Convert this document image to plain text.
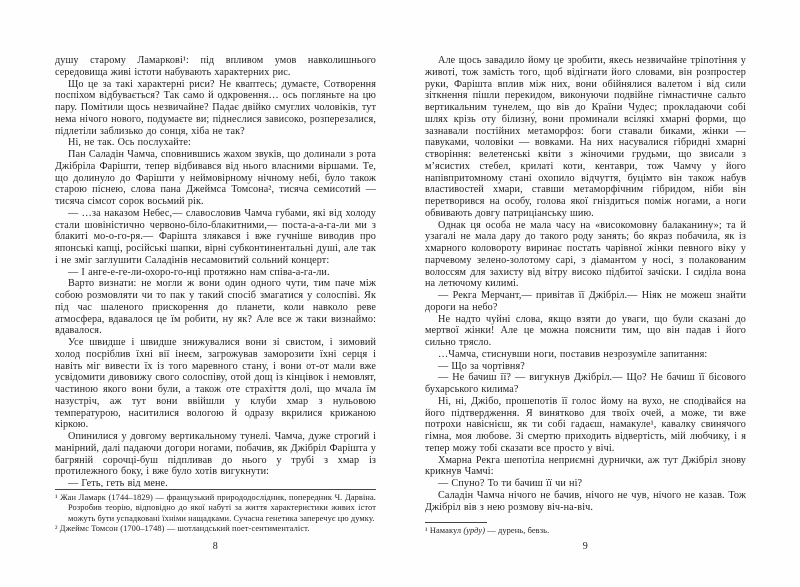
душу старому Ламаркові¹: під впливом умов навколишнього середовища живі істоти набувають характерних рис.

Що це за такі характерні риси? Не кваптесь; думаєте, Сотворення поспіхом відбувається? Так само й одкровення… ось погляньте на цю пару. Помітили щось незвичайне? Падає двійко смуглих чоловіків, тут нема нічого нового, подумаєте ви; піднеслися зависоко, розперезалися, підлетіли заблизько до сонця, хіба не так?

Ні, не так. Ось послухайте:

Пан Саладін Чамча, сповнившись жахом звуків, що долинали з рота Джібріла Фарішти, тепер відбивався від нього власними віршами. Те, що долинуло до Фарішти у неймовірному нічному небі, було також старою піснею, слова пана Джеймса Томсона², тисяча семисотий — тисяча сімсот сорок восьмий рік.

— …за наказом Небес,— славословив Чамча губами, які від холоду стали шовіністично червоно-біло-блакитними,— поста-а-а-га-ли ми з блакиті мо-о-го-ря.— Фарішта злякався і вже гучніше виводив про японські капці, російські шапки, вірні субконтинентальні душі, але так і не зміг заглушити Саладінів несамовитий сольний концерт:

— І анге-е-ге-ли-охоро-го-нці протяжно нам співа-а-га-ли.

Варто визнати: не могли ж вони один одного чути, тим паче між собою розмовляти чи то пак у такий спосіб змагатися у солоспіві. Як під час шаленого прискорення до планети, коли навколо реве атмосфера, вдавалося це їм робити, ну як? Але все ж таки визнаймо: вдавалося.

Усе швидше і швидше знижувалися вони зі свистом, і зимовий холод посріблив їхні вії інеєм, загрожував заморозити їхні серця і навіть міг вивести їх із того маревного стану, і вони от-от мали вже усвідомити дивовижу свого солоспіву, отой дощ із кінцівок і немовлят, частиною якого вони були, а також оте страхіття долі, що мчала їм назустріч, аж тут вони ввійшли у клуби хмар з нульовою температурою, наситилися вологою й одразу вкрилися крижаною кіркою.

Опинилися у довгому вертикальному тунелі. Чамча, дуже строгий і манірний, далі падаючи догори ногами, побачив, як Джібріл Фарішта у багряній сорочці-буш підпливав до нього у трубі з хмар із протилежного боку, і вже було хотів вигукнути:

— Геть, геть від мене.

¹ Жан Ламарк (1744–1829) — французький природодослідник, попередник Ч. Дарвіна. Розробив теорію, відповідно до якої набуті за життя характеристики живих істот можуть бути успадковані їхніми нащадками. Сучасна генетика заперечує цю думку.

² Джеймс Томсон (1700–1748) — шотландський поет-сентименталіст.

8

Але щось завадило йому це зробити, якесь незвичайне тріпотіння у животі, тож замість того, щоб відігнати його словами, він розпростер руки, Фарішта вплив між них, вони обійнялися валетом і від сили зіткнення пішли перекидом, виконуючи подвійне гімнастичне сальто вертикальним тунелем, що вів до Країни Чудес; прокладаючи собі шлях крізь оту білизну́, вони проминали всілякі хмарні форми, що зазнавали постійних метаморфоз: боги ставали биками, жінки — павуками, чоловіки — вовками. На них насувалися гібридні хмарні створіння: велетенські квіти з жіночими грудьми, що звисали з м’ясистих стебел, крилаті коти, кентаври, тож Чамчу у його напівпритомному стані охопило відчуття, буцімто він також набув властивостей хмари, ставши метаморфічним гібридом, ніби він перетворився на особу, голова якої гніздиться поміж ногами, а ноги обвивають довгу патриціанську шию.

Однак ця особа не мала часу на «високомовну балаканину»; та й узагалі не мала дару до такого роду занять; бо якраз побачила, як із хмарного коловороту виринає постать чарівної жінки певного віку у парчевому зелено-золотому сарі, з діамантом у носі, з полакованим волоссям для захисту від вітру високо підбитої зачіски. І сиділа вона на летючому килимі.

— Рекга Мерчант,— привітав її Джібріл.— Ніяк не можеш знайти дороги на небо?

Не надто чуйні слова, якщо взяти до уваги, що були сказані до мертвої жінки! Але це можна пояснити тим, що він падав і його сильно трясло.

…Чамча, стиснувши ноги, поставив незрозуміле запитання:

— Що за чортівня?

— Не бачиш її? — вигукнув Джібріл.— Що? Не бачиш її бісового бухарського килима?

Ні, ні, Джібо, прошепотів її голос йому на вухо, не сподівайся на його підтвердження. Я винятково для твоїх очей, а може, ти вже потрохи навіснієш, як ти собі гадаєш, намакуле¹, кавалку свинячого гімна, моя любове. Зі смертю приходить відвертість, мій любчику, і я тепер можу тобі сказати все просто у вічі.

Хмарна Рекга шепотіла неприємні дурнички, аж тут Джібріл знову крикнув Чамчі:

— Спуно? То ти бачиш її чи ні?

Саладін Чамча нічого не бачив, нічого не чув, нічого не казав. Тож Джібріл вів з нею розмову віч-на-віч.

¹ Намакул (урду) — дурень, бевзь.

9
